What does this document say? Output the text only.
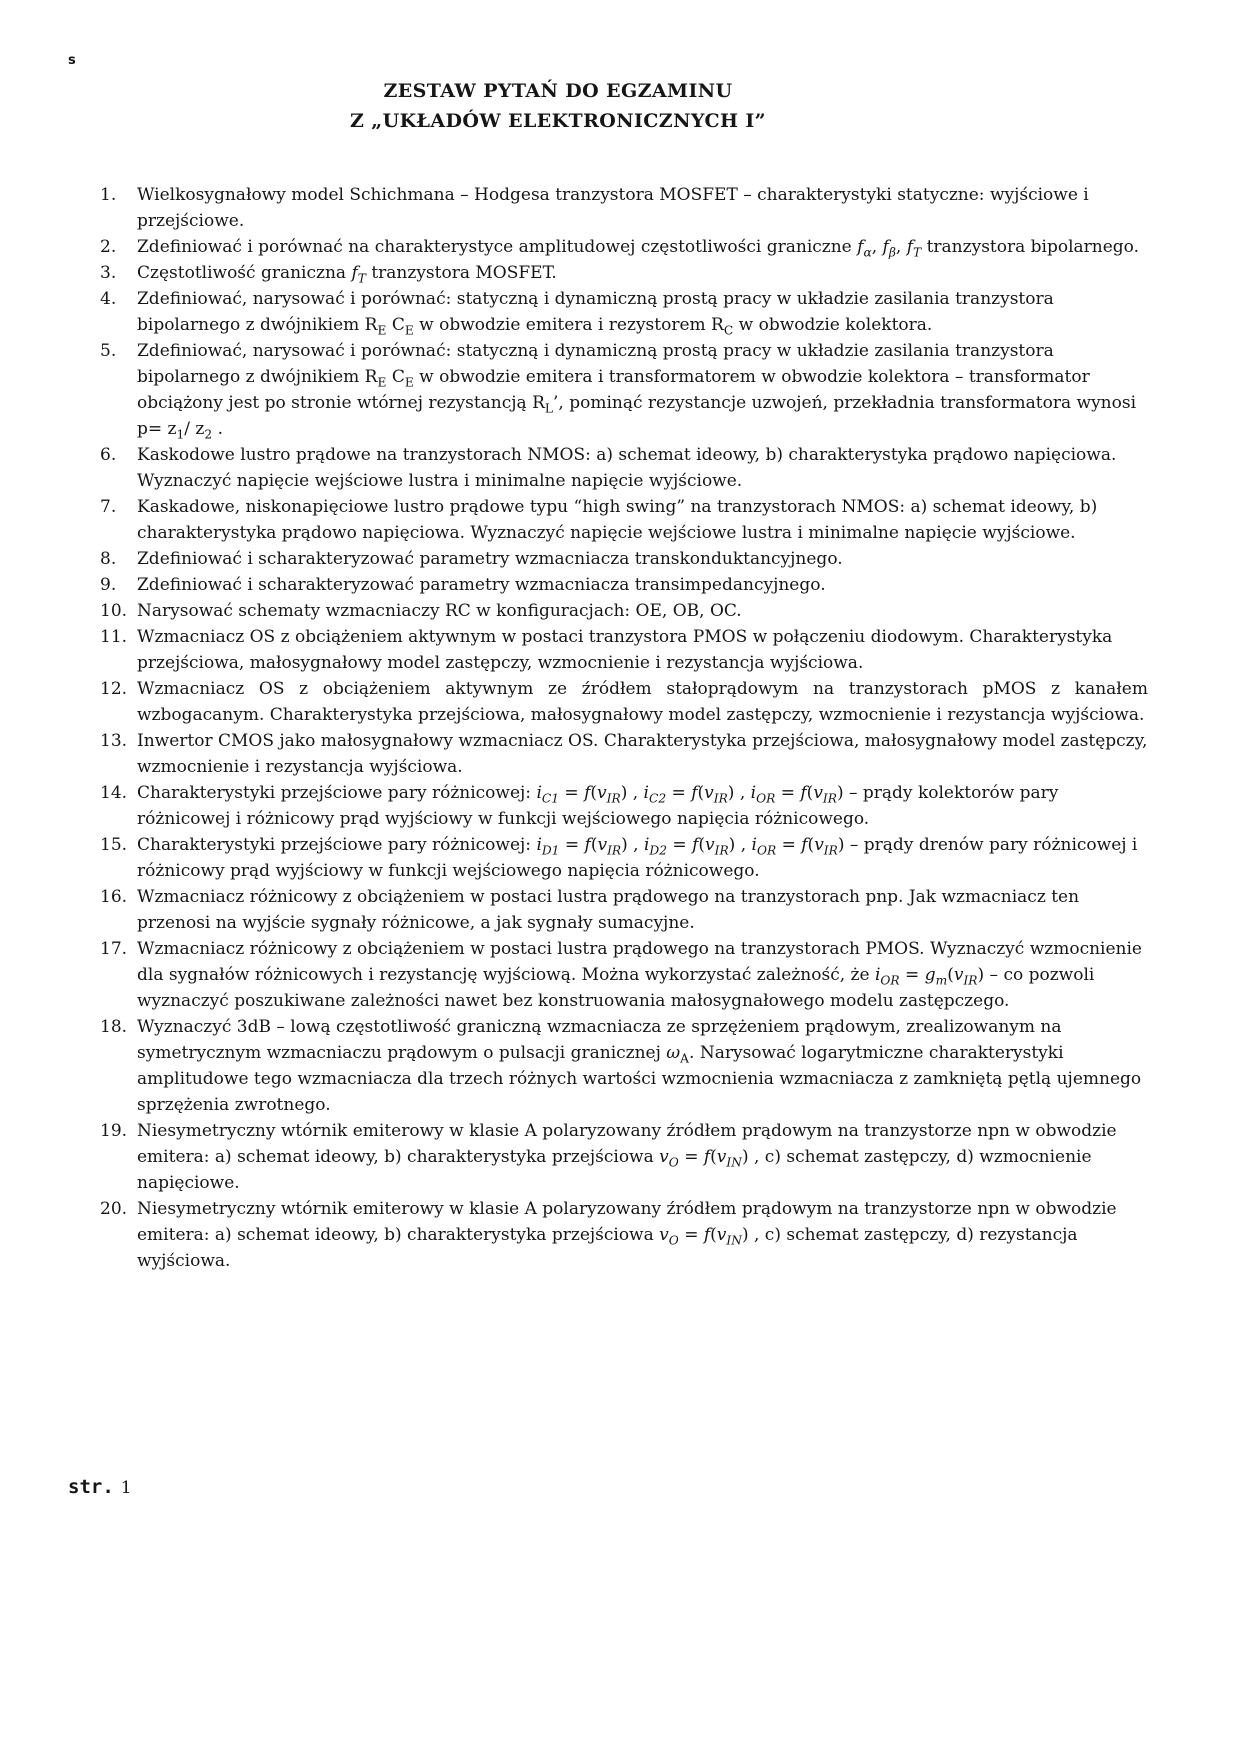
s
ZESTAW PYTAŃ DO EGZAMINU
Z „UKŁADÓW ELEKTRONICZNYCH I”
1.	Wielkosygnałowy model Schichmana – Hodgesa tranzystora MOSFET – charakterystyki statyczne: wyjściowe i przejściowe.
2.	Zdefiniować i porównać na charakterystyce amplitudowej częstotliwości graniczne $f_\alpha$, $f_\beta$, $f_T$ tranzystora bipolarnego.
3.	Częstotliwość graniczna $f_T$ tranzystora MOSFET.
4.	Zdefiniować, narysować i porównać: statyczną i dynamiczną prostą pracy w układzie zasilania tranzystora bipolarnego z dwójnikiem $R_E$ $C_E$ w obwodzie emitera i rezystorem $R_C$ w obwodzie kolektora.
5.	Zdefiniować, narysować i porównać: statyczną i dynamiczną prostą pracy w układzie zasilania tranzystora bipolarnego z dwójnikiem $R_E$ $C_E$ w obwodzie emitera i transformatorem w obwodzie kolektora – transformator obciążony jest po stronie wtórnej rezystancją $R_L$’, pominąć rezystancje uzwojeń, przekładnia transformatora wynosi $p= z_1/$ $z_2$ .
6.	Kaskodowe lustro prądowe na tranzystorach NMOS: a) schemat ideowy, b) charakterystyka prądowo napięciowa. Wyznaczyć napięcie wejściowe lustra i minimalne napięcie wyjściowe.
7.	Kaskadowe, niskonapięciowe lustro prądowe typu “high swing” na tranzystorach NMOS: a) schemat ideowy, b) charakterystyka prądowo napięciowa. Wyznaczyć napięcie wejściowe lustra i minimalne napięcie wyjściowe.
8.	Zdefiniować i scharakteryzować parametry wzmacniacza transkonduktancyjnego.
9.	Zdefiniować i scharakteryzować parametry wzmacniacza transimpedancyjnego.
10. Narysować schematy wzmacniaczy RC w konfiguracjach: OE, OB, OC.
11. Wzmacniacz OS z obciążeniem aktywnym w postaci tranzystora PMOS w połączeniu diodowym. Charakterystyka przejściowa, małosygnałowy model zastępczy, wzmocnienie i rezystancja wyjściowa.
12. Wzmacniacz OS z obciążeniem aktywnym ze źródłem stałoprądowym na tranzystorach pMOS z kanałem wzbogacanym. Charakterystyka przejściowa, małosygnałowy model zastępczy, wzmocnienie i rezystancja wyjściowa.
13. Inwertor CMOS jako małosygnałowy wzmacniacz OS. Charakterystyka przejściowa, małosygnałowy model zastępczy, wzmocnienie i rezystancja wyjściowa.
14. Charakterystyki przejściowe pary różnicowej: $i_{C1} = f(v_{IR})$ , $i_{C2} = f(v_{IR})$ , $i_{OR} = f(v_{IR})$ – prądy kolektorów pary różnicowej i różnicowy prąd wyjściowy w funkcji wejściowego napięcia różnicowego.
15. Charakterystyki przejściowe pary różnicowej: $i_{D1} = f(v_{IR})$ , $i_{D2} = f(v_{IR})$ , $i_{OR} = f(v_{IR})$ – prądy drenów pary różnicowej i różnicowy prąd wyjściowy w funkcji wejściowego napięcia różnicowego.
16. Wzmacniacz różnicowy z obciążeniem w postaci lustra prądowego na tranzystorach pnp. Jak wzmacniacz ten przenosi na wyjście sygnały różnicowe, a jak sygnały sumacyjne.
17. Wzmacniacz różnicowy z obciążeniem w postaci lustra prądowego na tranzystorach PMOS. Wyznaczyć wzmocnienie dla sygnałów różnicowych i rezystancję wyjściową. Można wykorzystać zależność, że $i_{OR} = g_m(v_{IR})$ – co pozwoli wyznaczyć poszukiwane zależności nawet bez konstruowania małosygnałowego modelu zastępczego.
18. Wyznaczyć 3dB – lową częstotliwość graniczną wzmacniacza ze sprzężeniem prądowym, zrealizowanym na symetrycznym wzmacniaczu prądowym o pulsacji granicznej $\omega_A$. Narysować logarytmiczne charakterystyki amplitudowe tego wzmacniacza dla trzech różnych wartości wzmocnienia wzmacniacza z zamkniętą pętlą ujemnego sprzężenia zwrotnego.
19. Niesymetryczny wtórnik emiterowy w klasie A polaryzowany źródłem prądowym na tranzystorze npn w obwodzie emitera: a) schemat ideowy, b) charakterystyka przejściowa $v_O = f(v_{IN})$ , c) schemat zastępczy, d) wzmocnienie napięciowe.
20. Niesymetryczny wtórnik emiterowy w klasie A polaryzowany źródłem prądowym na tranzystorze npn w obwodzie emitera: a) schemat ideowy, b) charakterystyka przejściowa $v_O = f(v_{IN})$ , c) schemat zastępczy, d) rezystancja wyjściowa.
str. 1
